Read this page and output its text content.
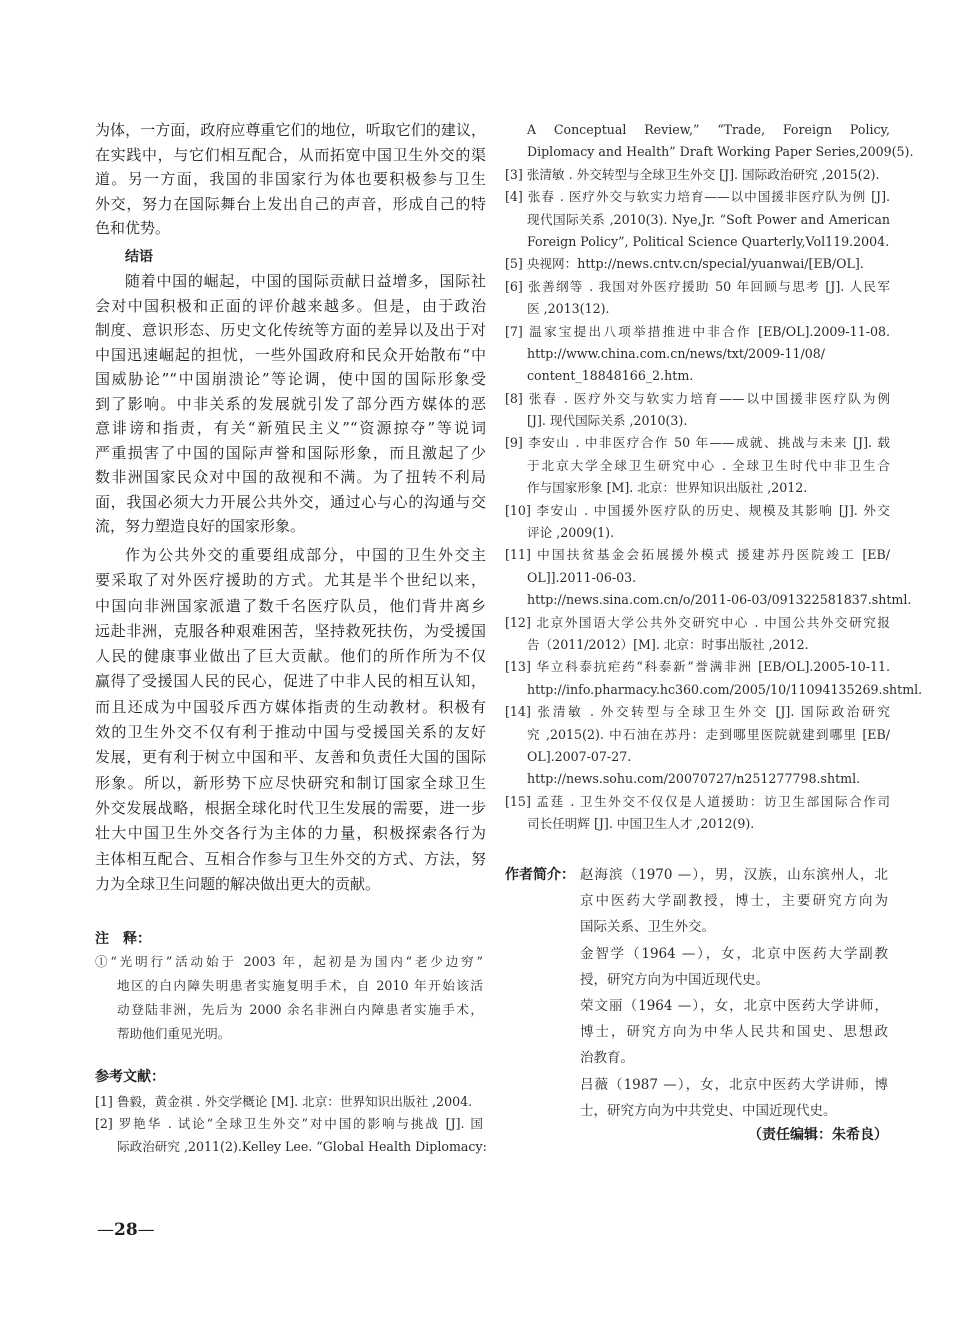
为体，一方面，政府应尊重它们的地位，听取它们的建议，
在实践中，与它们相互配合，从而拓宽中国卫生外交的渠
道。另一方面，我国的非国家行为体也要积极参与卫生
外交，努力在国际舞台上发出自己的声音，形成自己的特
色和优势。
结语
随着中国的崛起，中国的国际贡献日益增多，国际社
会对中国积极和正面的评价越来越多。但是，由于政治
制度、意识形态、历史文化传统等方面的差异以及出于对
中国迅速崛起的担忧，一些外国政府和民众开始散布“中
国威胁论”“中国崩溃论”等论调，使中国的国际形象受
到了影响。中非关系的发展就引发了部分西方媒体的恶
意诽谤和指责，有关“新殖民主义”“资源掠夺”等说词
严重损害了中国的国际声誉和国际形象，而且激起了少
数非洲国家民众对中国的敌视和不满。为了扭转不利局
面，我国必须大力开展公共外交，通过心与心的沟通与交
流，努力塑造良好的国家形象。
作为公共外交的重要组成部分，中国的卫生外交主
要采取了对外医疗援助的方式。尤其是半个世纪以来，
中国向非洲国家派遣了数千名医疗队员，他们背井离乡
远赴非洲，克服各种艰难困苦，坚持救死扶伤，为受援国
人民的健康事业做出了巨大贡献。他们的所作所为不仅
赢得了受援国人民的民心，促进了中非人民的相互认知，
而且还成为中国驳斥西方媒体指责的生动教材。积极有
效的卫生外交不仅有利于推动中国与受援国关系的友好
发展，更有利于树立中国和平、友善和负责任大国的国际
形象。所以，新形势下应尽快研究和制订国家全球卫生
外交发展战略，根据全球化时代卫生发展的需要，进一步
壮大中国卫生外交各行为主体的力量，积极探索各行为
主体相互配合、互相合作参与卫生外交的方式、方法，努
力为全球卫生问题的解决做出更大的贡献。
注　释：
①“光明行”活动始于 2003 年，起初是为国内“老少边穷”
地区的白内障失明患者实施复明手术，自 2010 年开始该活
动登陆非洲，先后为 2000 余名非洲白内障患者实施手术，
帮助他们重见光明。
参考文献：
[1] 鲁毅，黄金祺 . 外交学概论 [M]. 北京：世界知识出版社 ,2004.
[2] 罗艳华 . 试论“全球卫生外交”对中国的影响与挑战 [J]. 国
际政治研究 ,2011(2).Kelley Lee. “Global Health Diplomacy:
A Conceptual Review,” “Trade, Foreign Policy,
Diplomacy and Health” Draft Working Paper Series,2009(5).
[3] 张清敏 . 外交转型与全球卫生外交 [J]. 国际政治研究 ,2015(2).
[4] 张春 . 医疗外交与软实力培育——以中国援非医疗队为例 [J].
现代国际关系 ,2010(3). Nye,Jr. “Soft Power and American
Foreign Policy”, Political Science Quarterly,Vol119.2004.
[5] 央视网：http://news.cntv.cn/special/yuanwai/[EB/OL].
[6] 张善纲等 . 我国对外医疗援助 50 年回顾与思考 [J]. 人民军
医 ,2013(12).
[7] 温家宝提出八项举措推进中非合作 [EB/OL].2009-11-08.
http://www.china.com.cn/news/txt/2009-11/08/
content_18848166_2.htm.
[8] 张春 . 医疗外交与软实力培育——以中国援非医疗队为例
[J]. 现代国际关系 ,2010(3).
[9] 李安山 . 中非医疗合作 50 年——成就、挑战与未来 [J]. 载
于北京大学全球卫生研究中心 . 全球卫生时代中非卫生合
作与国家形象 [M]. 北京：世界知识出版社 ,2012.
[10] 李安山 . 中国援外医疗队的历史、规模及其影响 [J]. 外交
评论 ,2009(1).
[11] 中国扶贫基金会拓展援外模式 援建苏丹医院竣工 [EB/
OL]].2011-06-03.
http://news.sina.com.cn/o/2011-06-03/091322581837.shtml.
[12] 北京外国语大学公共外交研究中心 . 中国公共外交研究报
告（2011/2012）[M]. 北京：时事出版社 ,2012.
[13] 华立科泰抗疟药“科泰新”誉满非洲 [EB/OL].2005-10-11.
http://info.pharmacy.hc360.com/2005/10/11094135269.shtml.
[14] 张清敏 . 外交转型与全球卫生外交 [J]. 国际政治研究
究 ,2015(2). 中石油在苏丹：走到哪里医院就建到哪里 [EB/
OL].2007-07-27.
http://news.sohu.com/20070727/n251277798.shtml.
[15] 孟莛 . 卫生外交不仅仅是人道援助：访卫生部国际合作司
司长任明辉 [J]. 中国卫生人才 ,2012(9).
作者简介： 赵海滨（1970 —），男，汉族，山东滨州人，北
京中医药大学副教授，博士，主要研究方向为
国际关系、卫生外交。
金智学（1964 —），女，北京中医药大学副教
授，研究方向为中国近现代史。
荣文丽（1964 —），女，北京中医药大学讲师，
博士，研究方向为中华人民共和国史、思想政
治教育。
吕薇（1987 —），女，北京中医药大学讲师，博
士，研究方向为中共党史、中国近现代史。
（责任编辑：朱希良）
—28—
